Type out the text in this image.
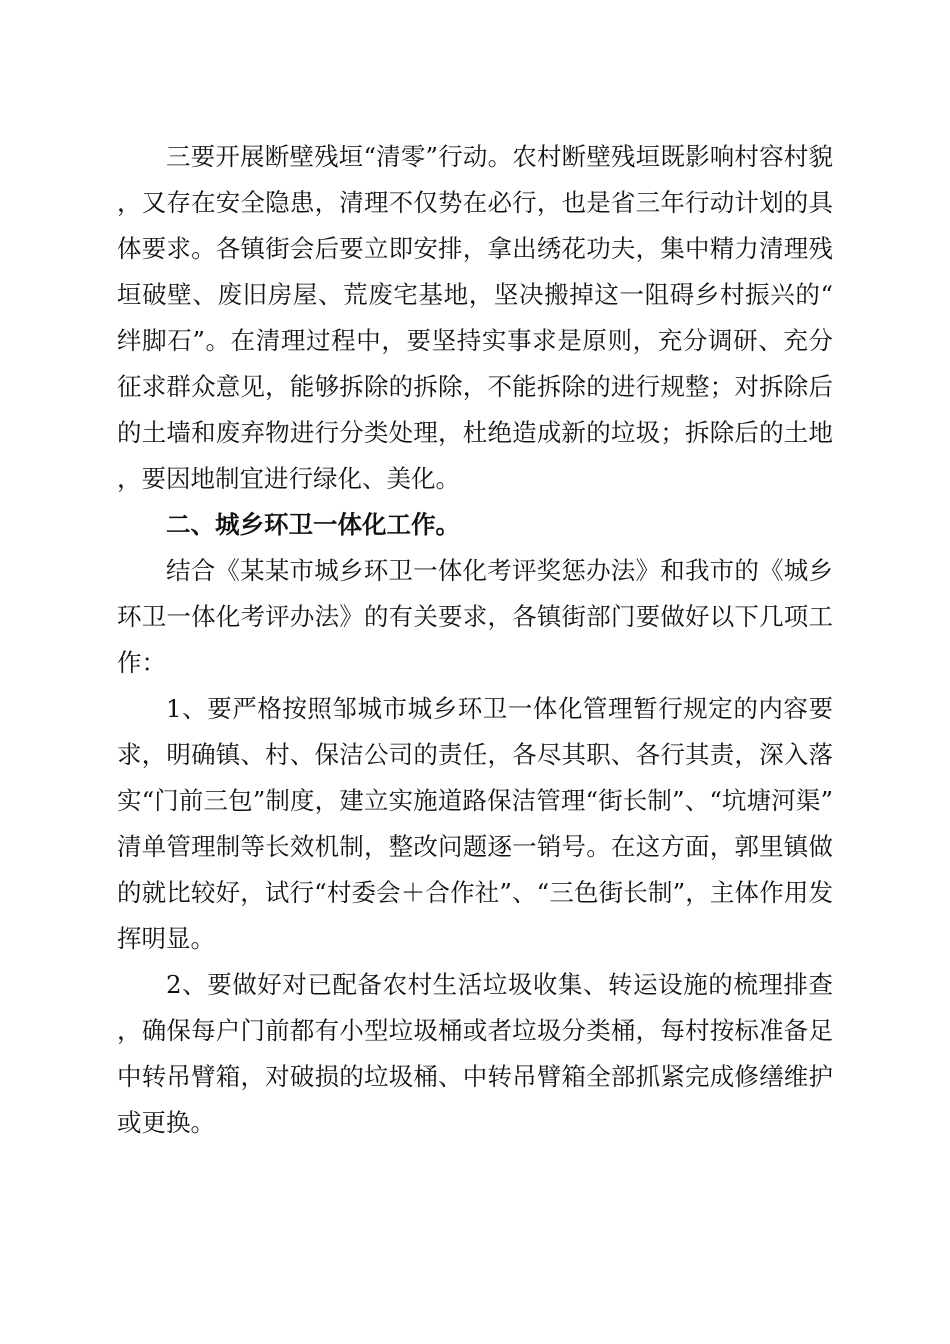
三要开展断壁残垣“清零”行动。农村断壁残垣既影响村容村貌，又存在安全隐患，清理不仅势在必行，也是省三年行动计划的具体要求。各镇街会后要立即安排，拿出绣花功夫，集中精力清理残垣破壁、废旧房屋、荒废宅基地，坚决搬掉这一阻碍乡村振兴的“绊脚石”。在清理过程中，要坚持实事求是原则，充分调研、充分征求群众意见，能够拆除的拆除，不能拆除的进行规整；对拆除后的土墙和废弃物进行分类处理，杜绝造成新的垃圾；拆除后的土地，要因地制宜进行绿化、美化。

二、城乡环卫一体化工作。

结合《某某市城乡环卫一体化考评奖惩办法》和我市的《城乡环卫一体化考评办法》的有关要求，各镇街部门要做好以下几项工作：

1、要严格按照邹城市城乡环卫一体化管理暂行规定的内容要求，明确镇、村、保洁公司的责任，各尽其职、各行其责，深入落实“门前三包”制度，建立实施道路保洁管理“街长制”、“坑塘河渠”清单管理制等长效机制，整改问题逐一销号。在这方面，郭里镇做的就比较好，试行“村委会＋合作社”、“三色街长制”，主体作用发挥明显。

2、要做好对已配备农村生活垃圾收集、转运设施的梳理排查，确保每户门前都有小型垃圾桶或者垃圾分类桶，每村按标准备足中转吊臂箱，对破损的垃圾桶、中转吊臂箱全部抓紧完成修缮维护或更换。
